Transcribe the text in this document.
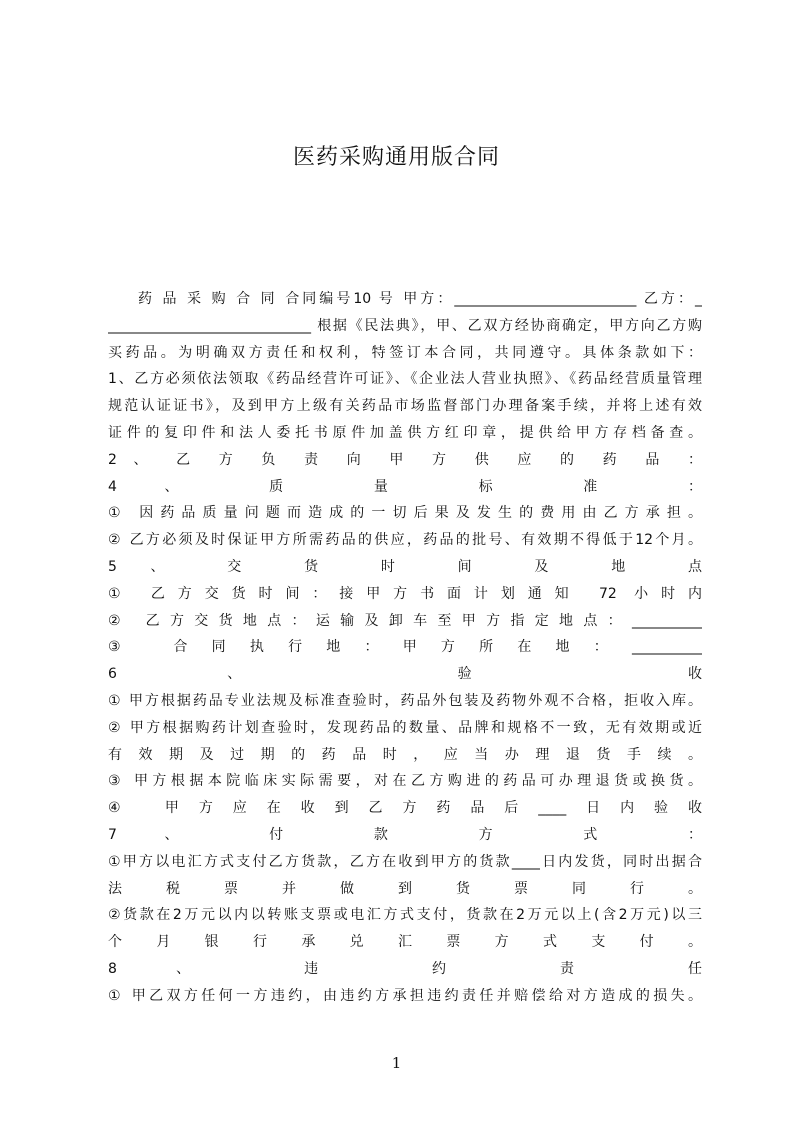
医药采购通用版合同
药 品 采 购 合 同 合同编号10 号 甲方：__________________________ 乙方：_
_____________________________ 根据《民法典》，甲、乙双方经协商确定，甲方向乙方购
买药品。为明确双方责任和权利，特签订本合同，共同遵守。具体条款如下：
1、乙方必须依法领取《药品经营许可证》、《企业法人营业执照》、《药品经营质量管理
规范认证证书》，及到甲方上级有关药品市场监督部门办理备案手续，并将上述有效
证件的复印件和法人委托书原件加盖供方红印章，提供给甲方存档备查。
2 、 乙 方 负 责 向 甲 方 供 应 的 药 品 ：
4 、 质 量 标 准 ：
① 因药品质量问题而造成的一切后果及发生的费用由乙方承担。
② 乙方必须及时保证甲方所需药品的供应，药品的批号、有效期不得低于12个月。
5 、 交 货 时 间 及 地 点
① 乙方交货时间：接甲方书面计划通知 72 小时内
② 乙方交货地点：运输及卸车至甲方指定地点：__________
③ 合同执行地：甲方所在地：__________
6 、 验 收
① 甲方根据药品专业法规及标准查验时，药品外包装及药物外观不合格，拒收入库。
② 甲方根据购药计划查验时，发现药品的数量、品牌和规格不一致，无有效期或近
有 效 期 及 过 期 的 药 品 时 ， 应 当 办 理 退 货 手 续 。
③ 甲方根据本院临床实际需要，对在乙方购进的药品可办理退货或换货。
④ 甲方应在收到乙方药品后____日内验收
7 、 付 款 方 式 ：
①甲方以电汇方式支付乙方货款，乙方在收到甲方的货款____日内发货，同时出据合
法 税 票 并 做 到 货 票 同 行 。
②货款在2万元以内以转账支票或电汇方式支付，货款在2万元以上(含2万元)以三
个 月 银 行 承 兑 汇 票 方 式 支 付 。
8 、 违 约 责 任
① 甲乙双方任何一方违约，由违约方承担违约责任并赔偿给对方造成的损失。
1
